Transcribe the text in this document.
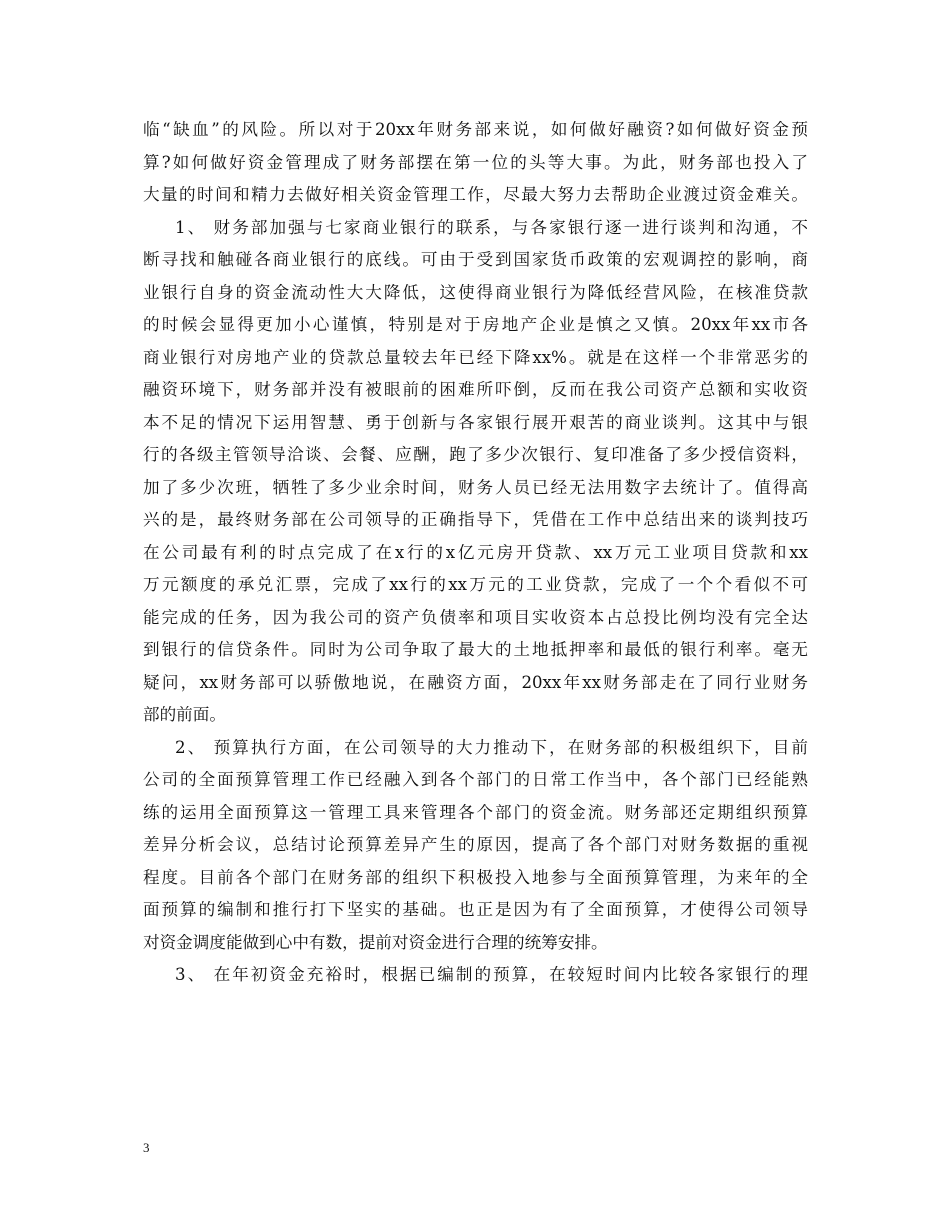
临“缺血”的风险。所以对于20xx年财务部来说，如何做好融资?如何做好资金预
算?如何做好资金管理成了财务部摆在第一位的头等大事。为此，财务部也投入了
大量的时间和精力去做好相关资金管理工作，尽最大努力去帮助企业渡过资金难关。
1、 财务部加强与七家商业银行的联系，与各家银行逐一进行谈判和沟通，不
断寻找和触碰各商业银行的底线。可由于受到国家货币政策的宏观调控的影响，商
业银行自身的资金流动性大大降低，这使得商业银行为降低经营风险，在核准贷款
的时候会显得更加小心谨慎，特别是对于房地产企业是慎之又慎。20xx年xx市各
商业银行对房地产业的贷款总量较去年已经下降xx%。就是在这样一个非常恶劣的
融资环境下，财务部并没有被眼前的困难所吓倒，反而在我公司资产总额和实收资
本不足的情况下运用智慧、勇于创新与各家银行展开艰苦的商业谈判。这其中与银
行的各级主管领导洽谈、会餐、应酬，跑了多少次银行、复印准备了多少授信资料，
加了多少次班，牺牲了多少业余时间，财务人员已经无法用数字去统计了。值得高
兴的是，最终财务部在公司领导的正确指导下，凭借在工作中总结出来的谈判技巧
在公司最有利的时点完成了在x行的x亿元房开贷款、xx万元工业项目贷款和xx
万元额度的承兑汇票，完成了xx行的xx万元的工业贷款，完成了一个个看似不可
能完成的任务，因为我公司的资产负债率和项目实收资本占总投比例均没有完全达
到银行的信贷条件。同时为公司争取了最大的土地抵押率和最低的银行利率。毫无
疑问，xx财务部可以骄傲地说，在融资方面，20xx年xx财务部走在了同行业财务
部的前面。
2、 预算执行方面，在公司领导的大力推动下，在财务部的积极组织下，目前
公司的全面预算管理工作已经融入到各个部门的日常工作当中，各个部门已经能熟
练的运用全面预算这一管理工具来管理各个部门的资金流。财务部还定期组织预算
差异分析会议，总结讨论预算差异产生的原因，提高了各个部门对财务数据的重视
程度。目前各个部门在财务部的组织下积极投入地参与全面预算管理，为来年的全
面预算的编制和推行打下坚实的基础。也正是因为有了全面预算，才使得公司领导
对资金调度能做到心中有数，提前对资金进行合理的统筹安排。
3、 在年初资金充裕时，根据已编制的预算，在较短时间内比较各家银行的理
3
